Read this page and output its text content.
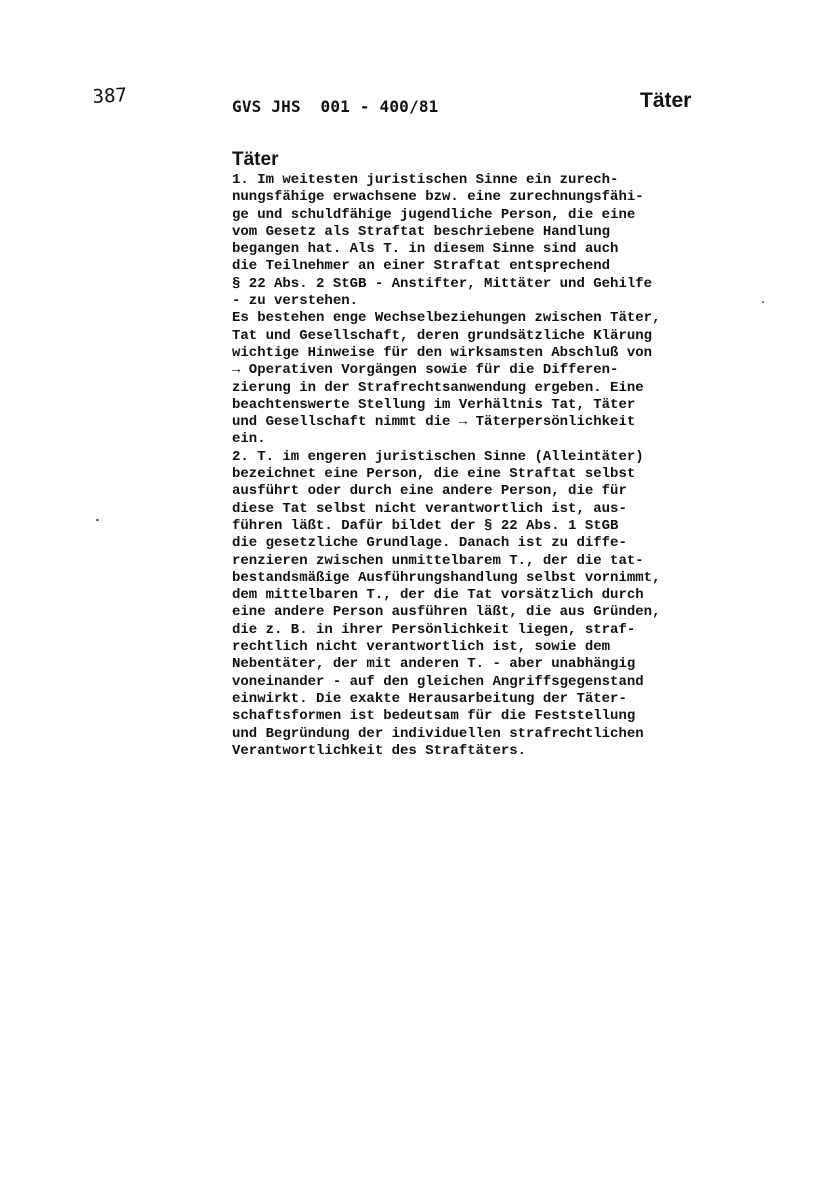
387	GVS JHS  001 - 400/81	Täter
Täter
1. Im weitesten juristischen Sinne ein zurech-
nungsfähige erwachsene bzw. eine zurechnungsfähi-
ge und schuldfähige jugendliche Person, die eine
vom Gesetz als Straftat beschriebene Handlung
begangen hat. Als T. in diesem Sinne sind auch
die Teilnehmer an einer Straftat entsprechend
§ 22 Abs. 2 StGB - Anstifter, Mittäter und Gehilfe
- zu verstehen.
Es bestehen enge Wechselbeziehungen zwischen Täter,
Tat und Gesellschaft, deren grundsätzliche Klärung
wichtige Hinweise für den wirksamsten Abschluß von
→ Operativen Vorgängen sowie für die Differen-
zierung in der Strafrechtsanwendung ergeben. Eine
beachtenswerte Stellung im Verhältnis Tat, Täter
und Gesellschaft nimmt die → Täterpersönlichkeit
ein.
2. T. im engeren juristischen Sinne (Alleintäter)
bezeichnet eine Person, die eine Straftat selbst
ausführt oder durch eine andere Person, die für
diese Tat selbst nicht verantwortlich ist, aus-
führen läßt. Dafür bildet der § 22 Abs. 1 StGB
die gesetzliche Grundlage. Danach ist zu diffe-
renzieren zwischen unmittelbarem T., der die tat-
bestandsmäßige Ausführungshandlung selbst vornimmt,
dem mittelbaren T., der die Tat vorsätzlich durch
eine andere Person ausführen läßt, die aus Gründen,
die z. B. in ihrer Persönlichkeit liegen, straf-
rechtlich nicht verantwortlich ist, sowie dem
Nebentäter, der mit anderen T. - aber unabhängig
voneinander - auf den gleichen Angriffsgegenstand
einwirkt. Die exakte Herausarbeitung der Täter-
schaftsformen ist bedeutsam für die Feststellung
und Begründung der individuellen strafrechtlichen
Verantwortlichkeit des Straftäters.
